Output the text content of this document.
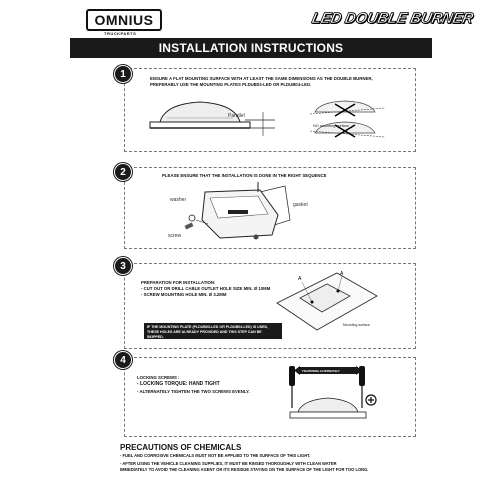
OMNIUS
TRUCKPARTS
LED DOUBLE BURNER
INSTALLATION INSTRUCTIONS
1	ENSURE A FLAT MOUNTING SURFACE WITH AT LEAST THE SAME DIMENSIONS AS THE DOUBLE BURNER,
PREFERABLY USE THE MOUNTING PLATES PLDUB03-LED OR PLDUB04-LED.
Parallel
NO mounting surface
2	PLEASE ENSURE THAT THE INSTALLATION IS DONE IN THE RIGHT SEQUENCE
washer
screw
gasket
3
PREPARATION FOR INSTALLATION:
- CUT OUT OR DRILL CABLE OUTLET HOLE SIZE MIN. Ø 10MM
- SCREW MOUNTING HOLE MIN. Ø 3.2MM
IF THE MOUNTING PLATE (PLDUB03-LED OR PLDUB04-LED) IS USED,
THESE HOLES ARE ALREADY PROVIDED AND THIS STEP CAN BE SKIPPED.
A
A
Mounting surface
4
LOCKING SCREWS :
- LOCKING TORQUE: HAND TIGHT
- ALTERNATELY TIGHTEN THE TWO SCREWS EVENLY.
TIGHTENING ALTERNATELY
PRECAUTIONS OF CHEMICALS
- FUEL AND CORROSIVE CHEMICALS MUST NOT BE APPLIED TO THE SURFACE OF THIS LIGHT.
- AFTER USING THE VEHICLE CLEANING SUPPLIES, IT MUST BE RINSED THOROUGHLY WITH CLEAN WATER
IMMEDIATELY TO AVOID THE CLEANING AGENT OR ITS RESIDUE STAYING ON THE SURFACE OF THE LIGHT FOR TOO LONG.
